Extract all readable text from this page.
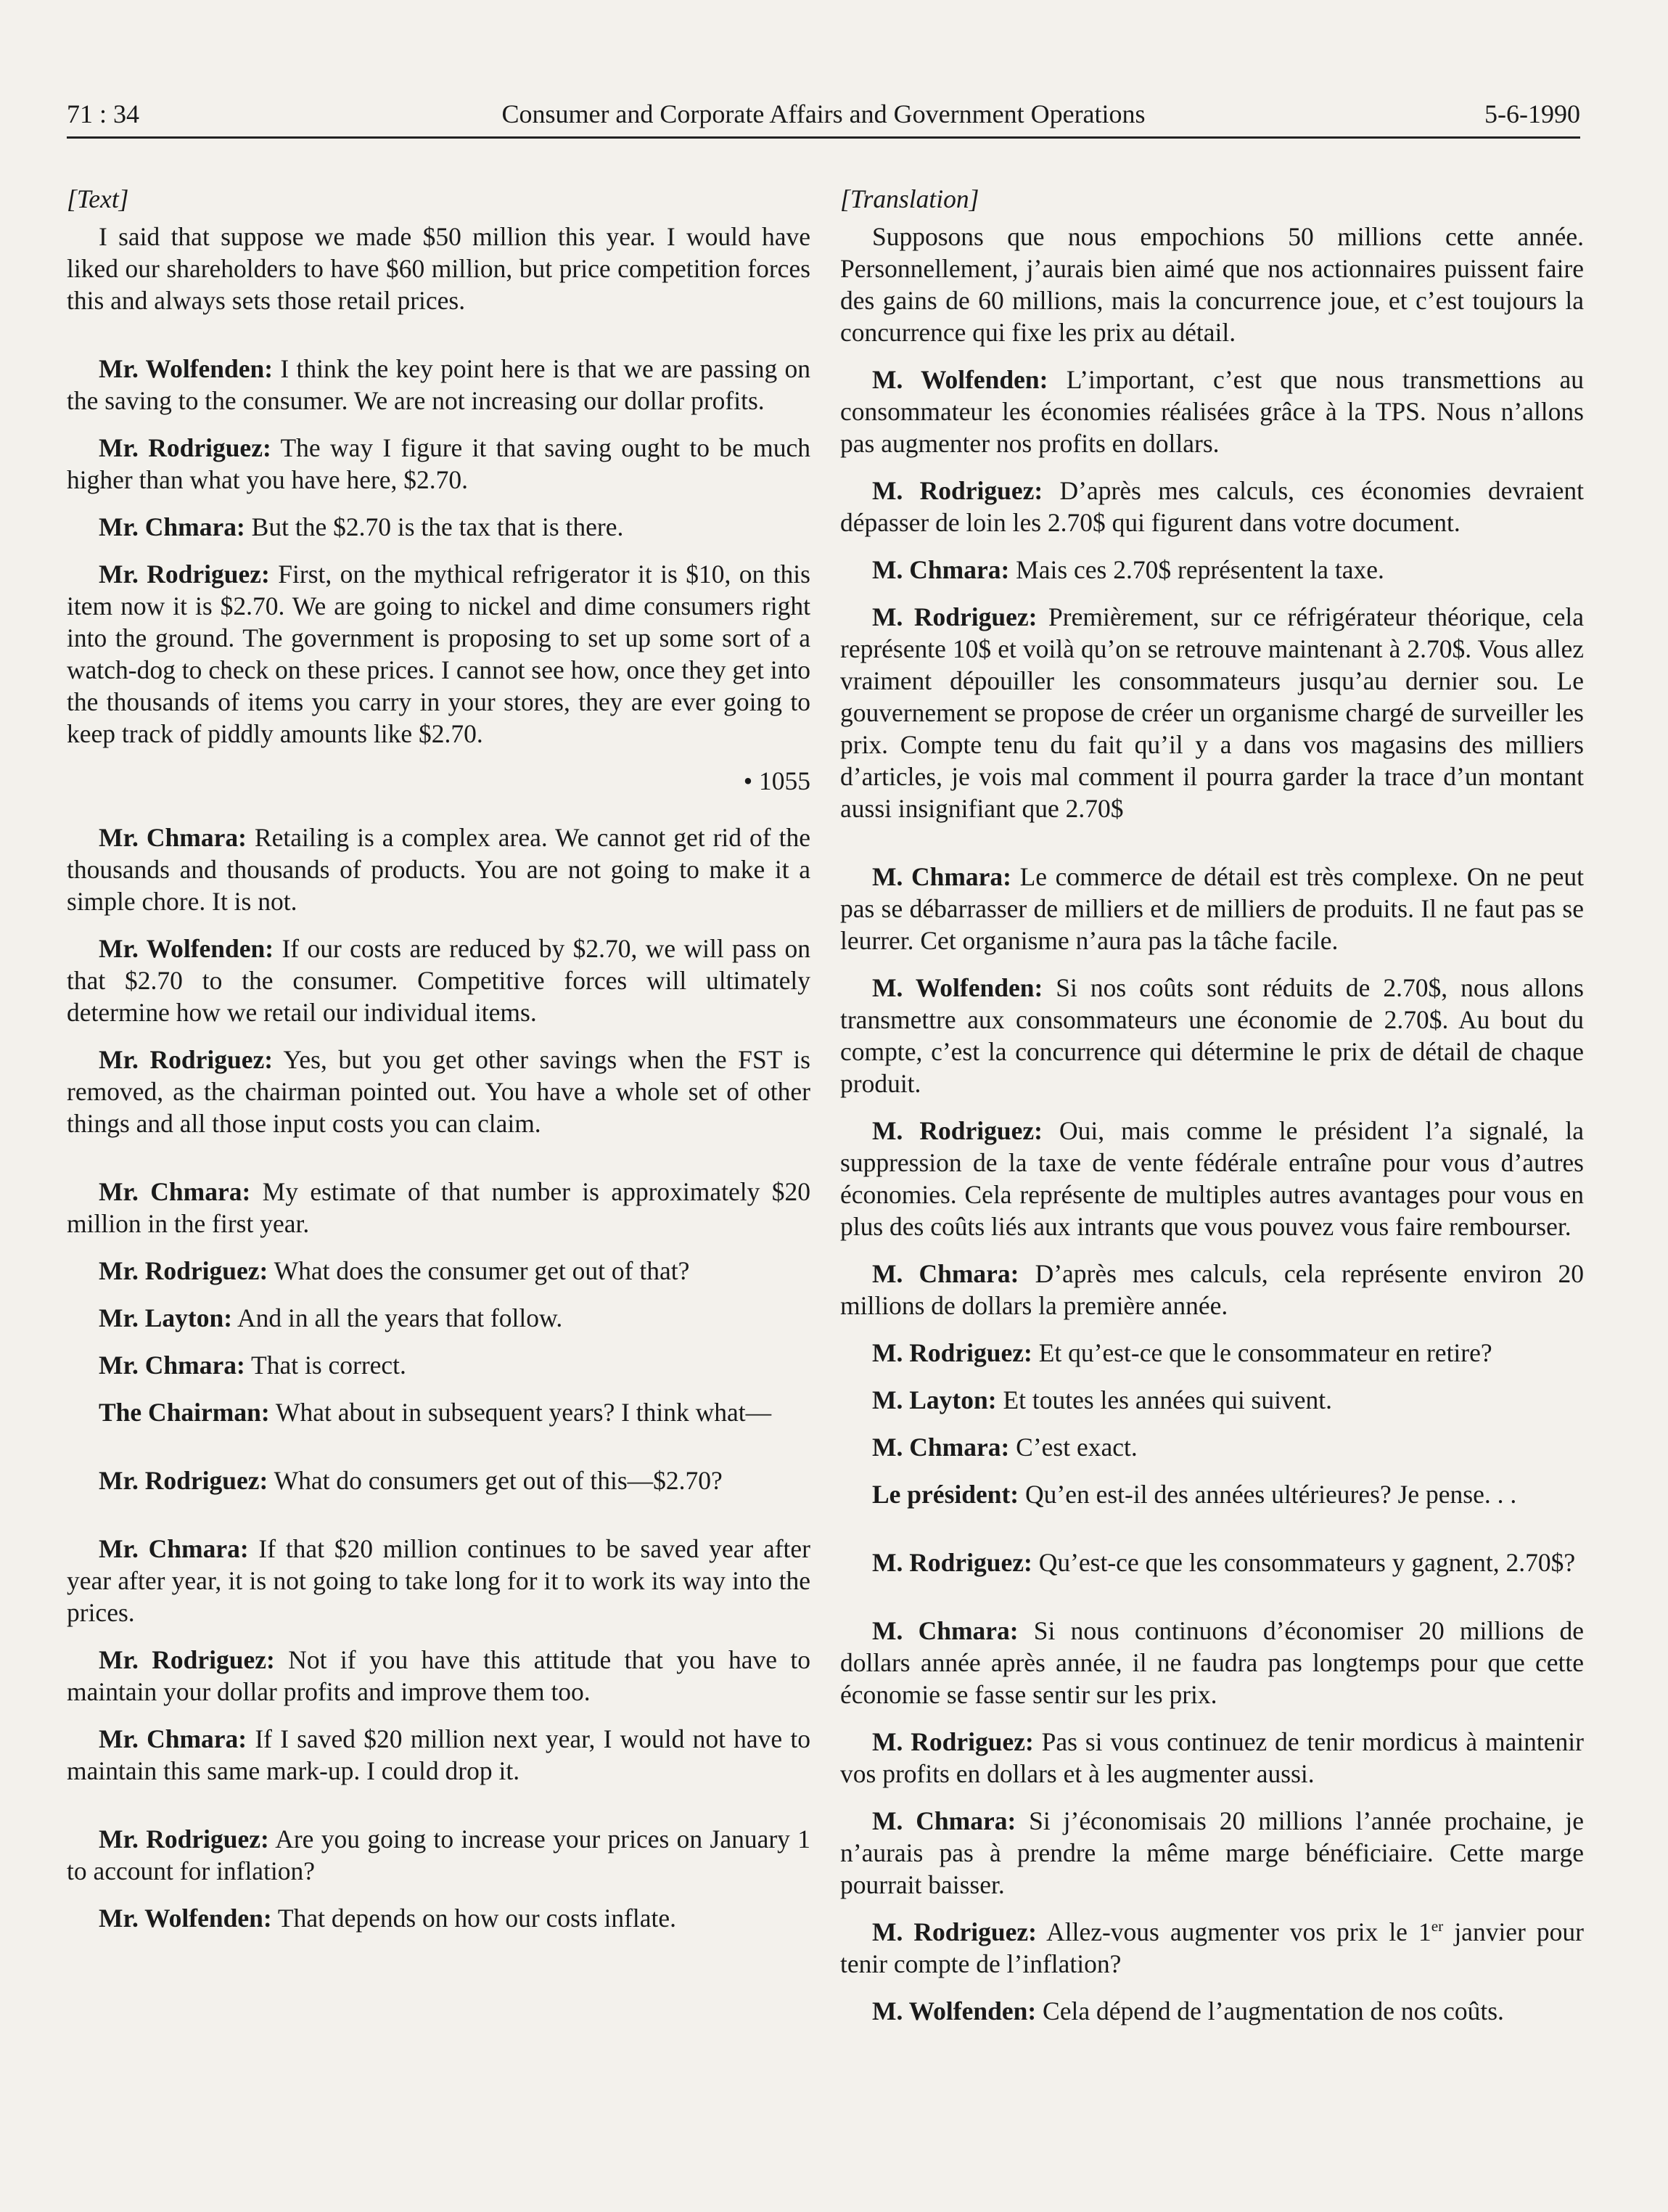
71 : 34	Consumer and Corporate Affairs and Government Operations	5-6-1990
[Text]

I said that suppose we made $50 million this year. I would have liked our shareholders to have $60 million, but price competition forces this and always sets those retail prices.

Mr. Wolfenden: I think the key point here is that we are passing on the saving to the consumer. We are not increasing our dollar profits.

Mr. Rodriguez: The way I figure it that saving ought to be much higher than what you have here, $2.70.

Mr. Chmara: But the $2.70 is the tax that is there.

Mr. Rodriguez: First, on the mythical refrigerator it is $10, on this item now it is $2.70. We are going to nickel and dime consumers right into the ground. The government is proposing to set up some sort of a watch-dog to check on these prices. I cannot see how, once they get into the thousands of items you carry in your stores, they are ever going to keep track of piddly amounts like $2.70.

• 1055

Mr. Chmara: Retailing is a complex area. We cannot get rid of the thousands and thousands of products. You are not going to make it a simple chore. It is not.

Mr. Wolfenden: If our costs are reduced by $2.70, we will pass on that $2.70 to the consumer. Competitive forces will ultimately determine how we retail our individual items.

Mr. Rodriguez: Yes, but you get other savings when the FST is removed, as the chairman pointed out. You have a whole set of other things and all those input costs you can claim.

Mr. Chmara: My estimate of that number is approximately $20 million in the first year.

Mr. Rodriguez: What does the consumer get out of that?

Mr. Layton: And in all the years that follow.

Mr. Chmara: That is correct.

The Chairman: What about in subsequent years? I think what—

Mr. Rodriguez: What do consumers get out of this—$2.70?

Mr. Chmara: If that $20 million continues to be saved year after year after year, it is not going to take long for it to work its way into the prices.

Mr. Rodriguez: Not if you have this attitude that you have to maintain your dollar profits and improve them too.

Mr. Chmara: If I saved $20 million next year, I would not have to maintain this same mark-up. I could drop it.

Mr. Rodriguez: Are you going to increase your prices on January 1 to account for inflation?

Mr. Wolfenden: That depends on how our costs inflate.

[Translation]

Supposons que nous empochions 50 millions cette année. Personnellement, j’aurais bien aimé que nos actionnaires puissent faire des gains de 60 millions, mais la concurrence joue, et c’est toujours la concurrence qui fixe les prix au détail.

M. Wolfenden: L’important, c’est que nous transmettions au consommateur les économies réalisées grâce à la TPS. Nous n’allons pas augmenter nos profits en dollars.

M. Rodriguez: D’après mes calculs, ces économies devraient dépasser de loin les 2.70$ qui figurent dans votre document.

M. Chmara: Mais ces 2.70$ représentent la taxe.

M. Rodriguez: Premièrement, sur ce réfrigérateur théorique, cela représente 10$ et voilà qu’on se retrouve maintenant à 2.70$. Vous allez vraiment dépouiller les consommateurs jusqu’au dernier sou. Le gouvernement se propose de créer un organisme chargé de surveiller les prix. Compte tenu du fait qu’il y a dans vos magasins des milliers d’articles, je vois mal comment il pourra garder la trace d’un montant aussi insignifiant que 2.70$

M. Chmara: Le commerce de détail est très complexe. On ne peut pas se débarrasser de milliers et de milliers de produits. Il ne faut pas se leurrer. Cet organisme n’aura pas la tâche facile.

M. Wolfenden: Si nos coûts sont réduits de 2.70$, nous allons transmettre aux consommateurs une économie de 2.70$. Au bout du compte, c’est la concurrence qui détermine le prix de détail de chaque produit.

M. Rodriguez: Oui, mais comme le président l’a signalé, la suppression de la taxe de vente fédérale entraîne pour vous d’autres économies. Cela représente de multiples autres avantages pour vous en plus des coûts liés aux intrants que vous pouvez vous faire rembourser.

M. Chmara: D’après mes calculs, cela représente environ 20 millions de dollars la première année.

M. Rodriguez: Et qu’est-ce que le consommateur en retire?

M. Layton: Et toutes les années qui suivent.

M. Chmara: C’est exact.

Le président: Qu’en est-il des années ultérieures? Je pense. . .

M. Rodriguez: Qu’est-ce que les consommateurs y gagnent, 2.70$?

M. Chmara: Si nous continuons d’économiser 20 millions de dollars année après année, il ne faudra pas longtemps pour que cette économie se fasse sentir sur les prix.

M. Rodriguez: Pas si vous continuez de tenir mordicus à maintenir vos profits en dollars et à les augmenter aussi.

M. Chmara: Si j’économisais 20 millions l’année prochaine, je n’aurais pas à prendre la même marge bénéficiaire. Cette marge pourrait baisser.

M. Rodriguez: Allez-vous augmenter vos prix le 1er janvier pour tenir compte de l’inflation?

M. Wolfenden: Cela dépend de l’augmentation de nos coûts.
